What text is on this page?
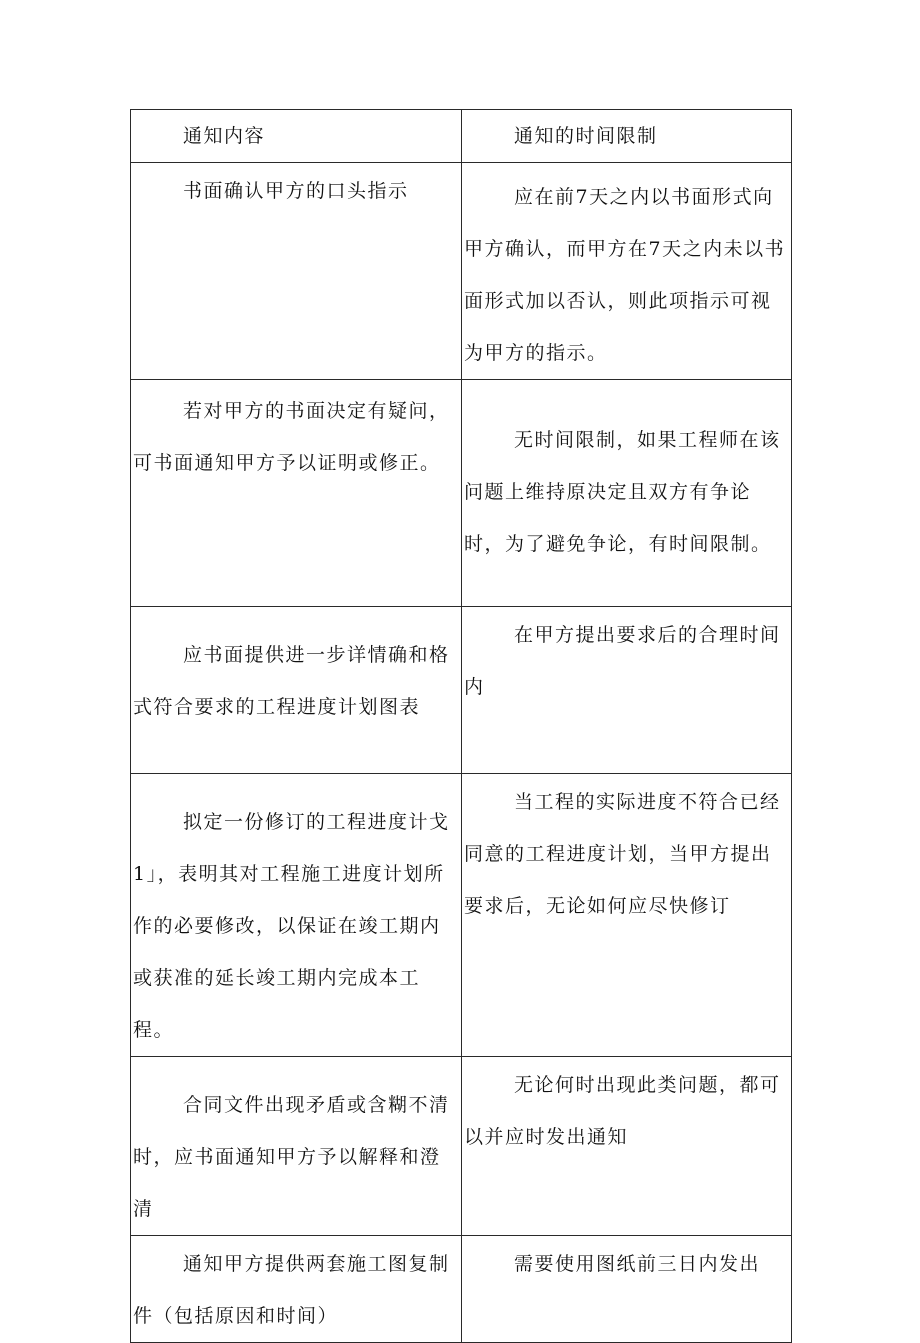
通知内容	通知的时间限制
书面确认甲方的口头指示	应在前7天之内以书面形式向甲方确认，而甲方在7天之内未以书面形式加以否认，则此项指示可视为甲方的指示。
若对甲方的书面决定有疑问，可书面通知甲方予以证明或修正。	无时间限制，如果工程师在该问题上维持原决定且双方有争论时，为了避免争论，有时间限制。
应书面提供进一步详情确和格式符合要求的工程进度计划图表	在甲方提出要求后的合理时间内
拟定一份修订的工程进度计戈1」，表明其对工程施工进度计划所作的必要修改，以保证在竣工期内或获准的延长竣工期内完成本工程。	当工程的实际进度不符合已经同意的工程进度计划，当甲方提出要求后，无论如何应尽快修订
合同文件出现矛盾或含糊不清时，应书面通知甲方予以解释和澄清	无论何时出现此类问题，都可以并应时发出通知
通知甲方提供两套施工图复制件（包括原因和时间）	需要使用图纸前三日内发出
